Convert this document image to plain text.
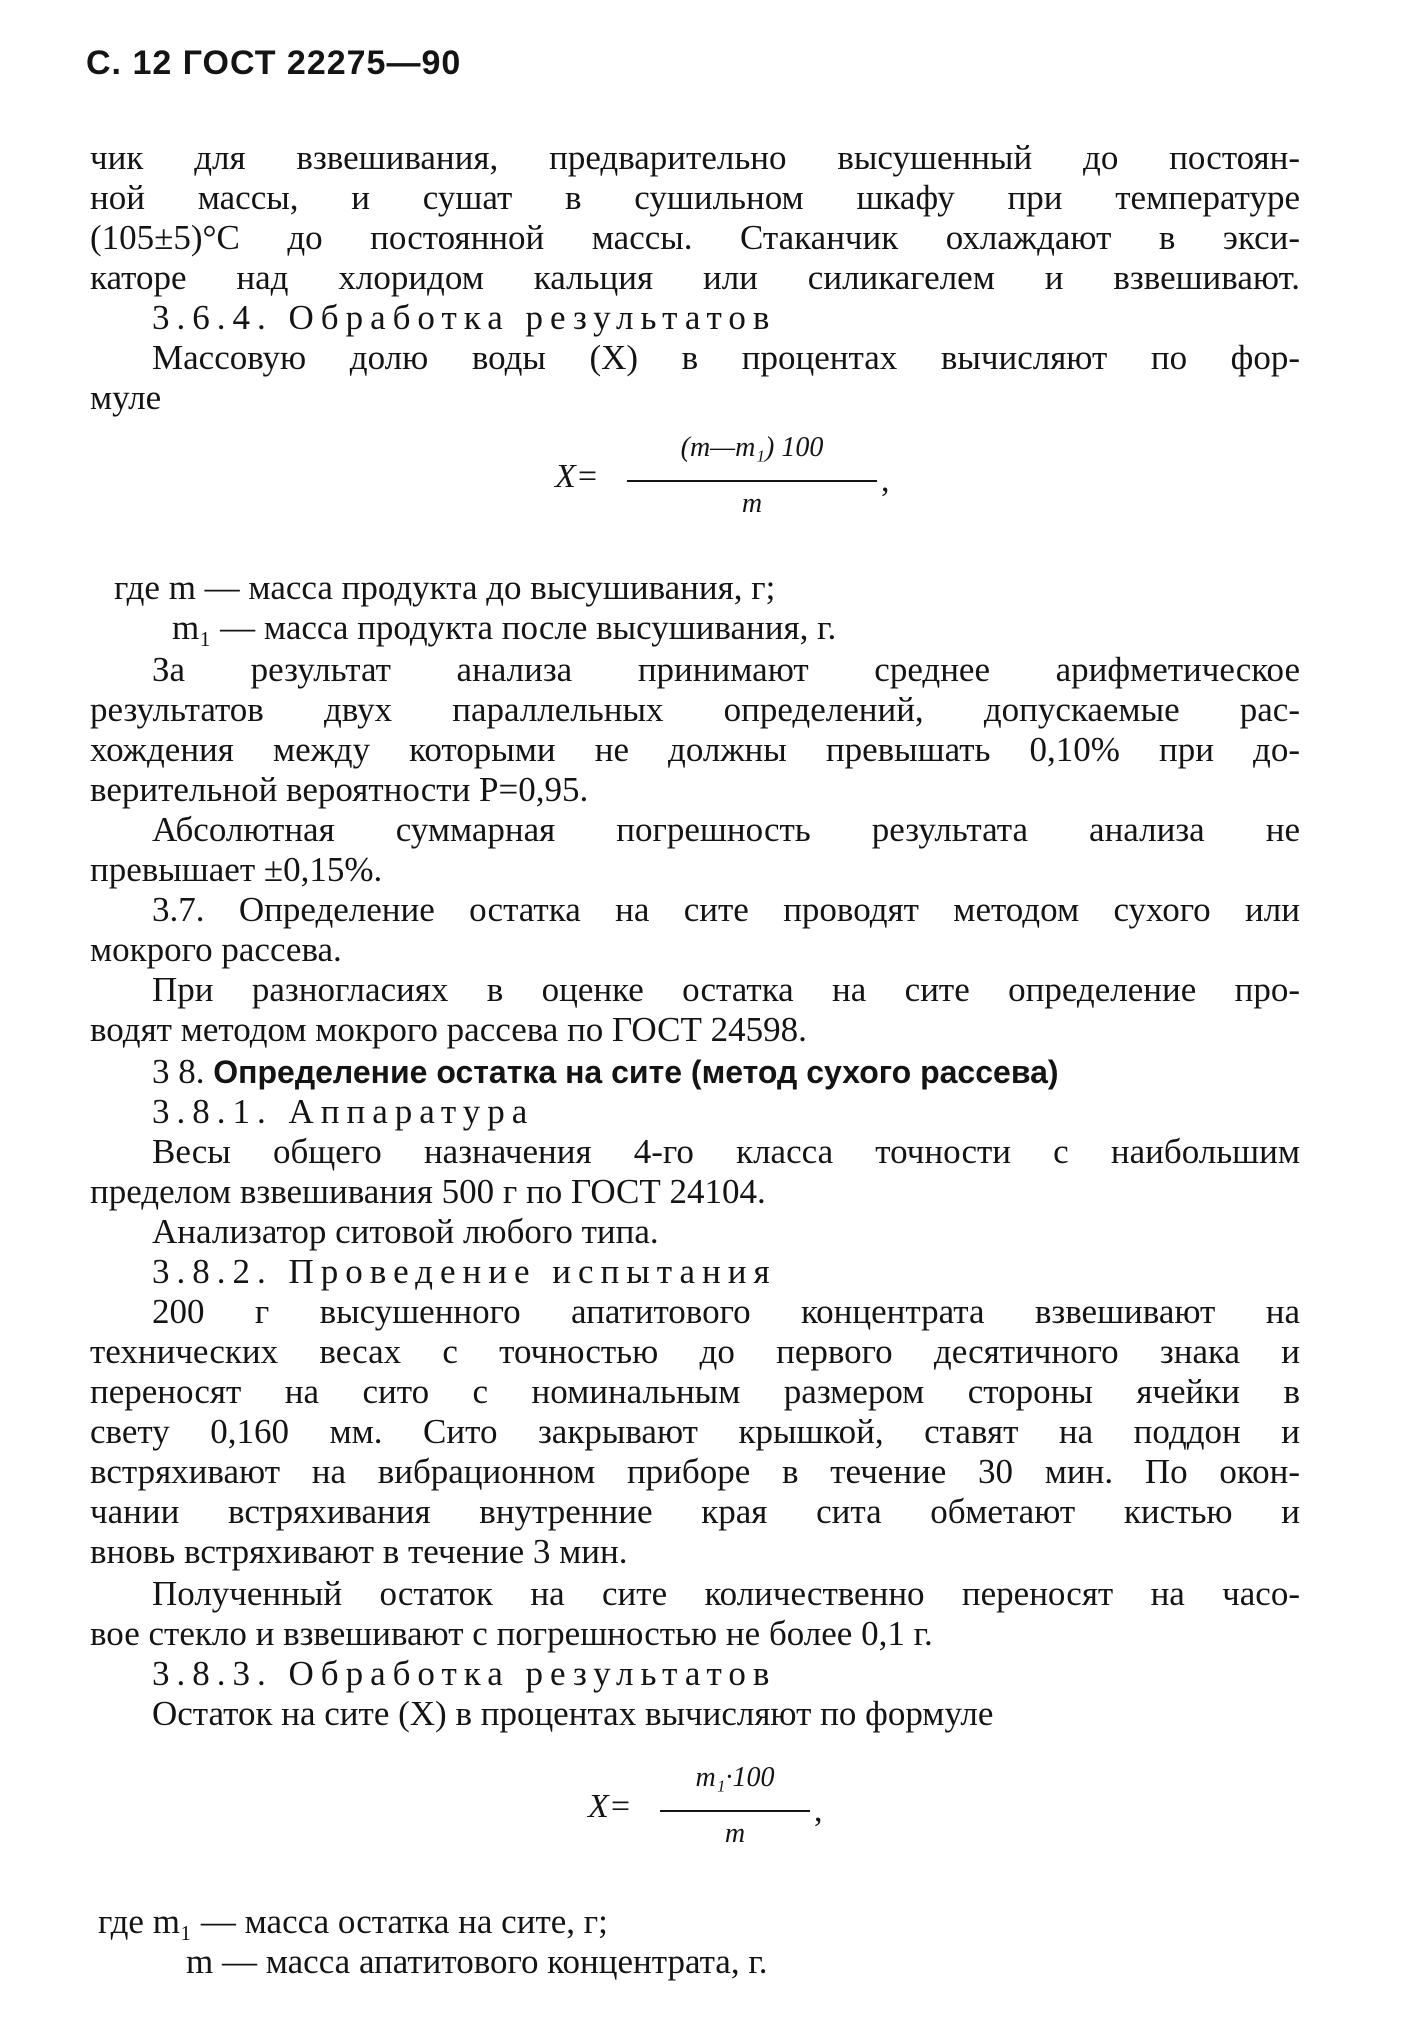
С. 12 ГОСТ 22275—90
чик для взвешивания, предварительно высушенный до постоян-
ной массы, и сушат в сушильном шкафу при температуре
(105±5)°С до постоянной массы. Стаканчик охлаждают в экси-
каторе над хлоридом кальция или силикагелем и взвешивают.
3.6.4. Обработка результатов
Массовую долю воды (X) в процентах вычисляют по фор-
муле
X=
(m—m₁) 100
m
,
где m — масса продукта до высушивания, г;
m₁ — масса продукта после высушивания, г.
За результат анализа принимают среднее арифметическое
результатов двух параллельных определений, допускаемые рас-
хождения между которыми не должны превышать 0,10% при до-
верительной вероятности P=0,95.
Абсолютная суммарная погрешность результата анализа не
превышает ±0,15%.
3.7. Определение остатка на сите проводят методом сухого или
мокрого рассева.
При разногласиях в оценке остатка на сите определение про-
водят методом мокрого рассева по ГОСТ 24598.
3 8. Определение остатка на сите (метод сухого рассева)
3.8.1. Аппаратура
Весы общего назначения 4-го класса точности с наибольшим
пределом взвешивания 500 г по ГОСТ 24104.
Анализатор ситовой любого типа.
3.8.2. Проведение испытания
200 г высушенного апатитового концентрата взвешивают на
технических весах с точностью до первого десятичного знака и
переносят на сито с номинальным размером стороны ячейки в
свету 0,160 мм. Сито закрывают крышкой, ставят на поддон и
встряхивают на вибрационном приборе в течение 30 мин. По окон-
чании встряхивания внутренние края сита обметают кистью и
вновь встряхивают в течение 3 мин.
Полученный остаток на сите количественно переносят на часо-
вое стекло и взвешивают с погрешностью не более 0,1 г.
3.8.3. Обработка результатов
Остаток на сите (X) в процентах вычисляют по формуле
X=
m₁·100
m
,
где m₁ — масса остатка на сите, г;
m — масса апатитового концентрата, г.
